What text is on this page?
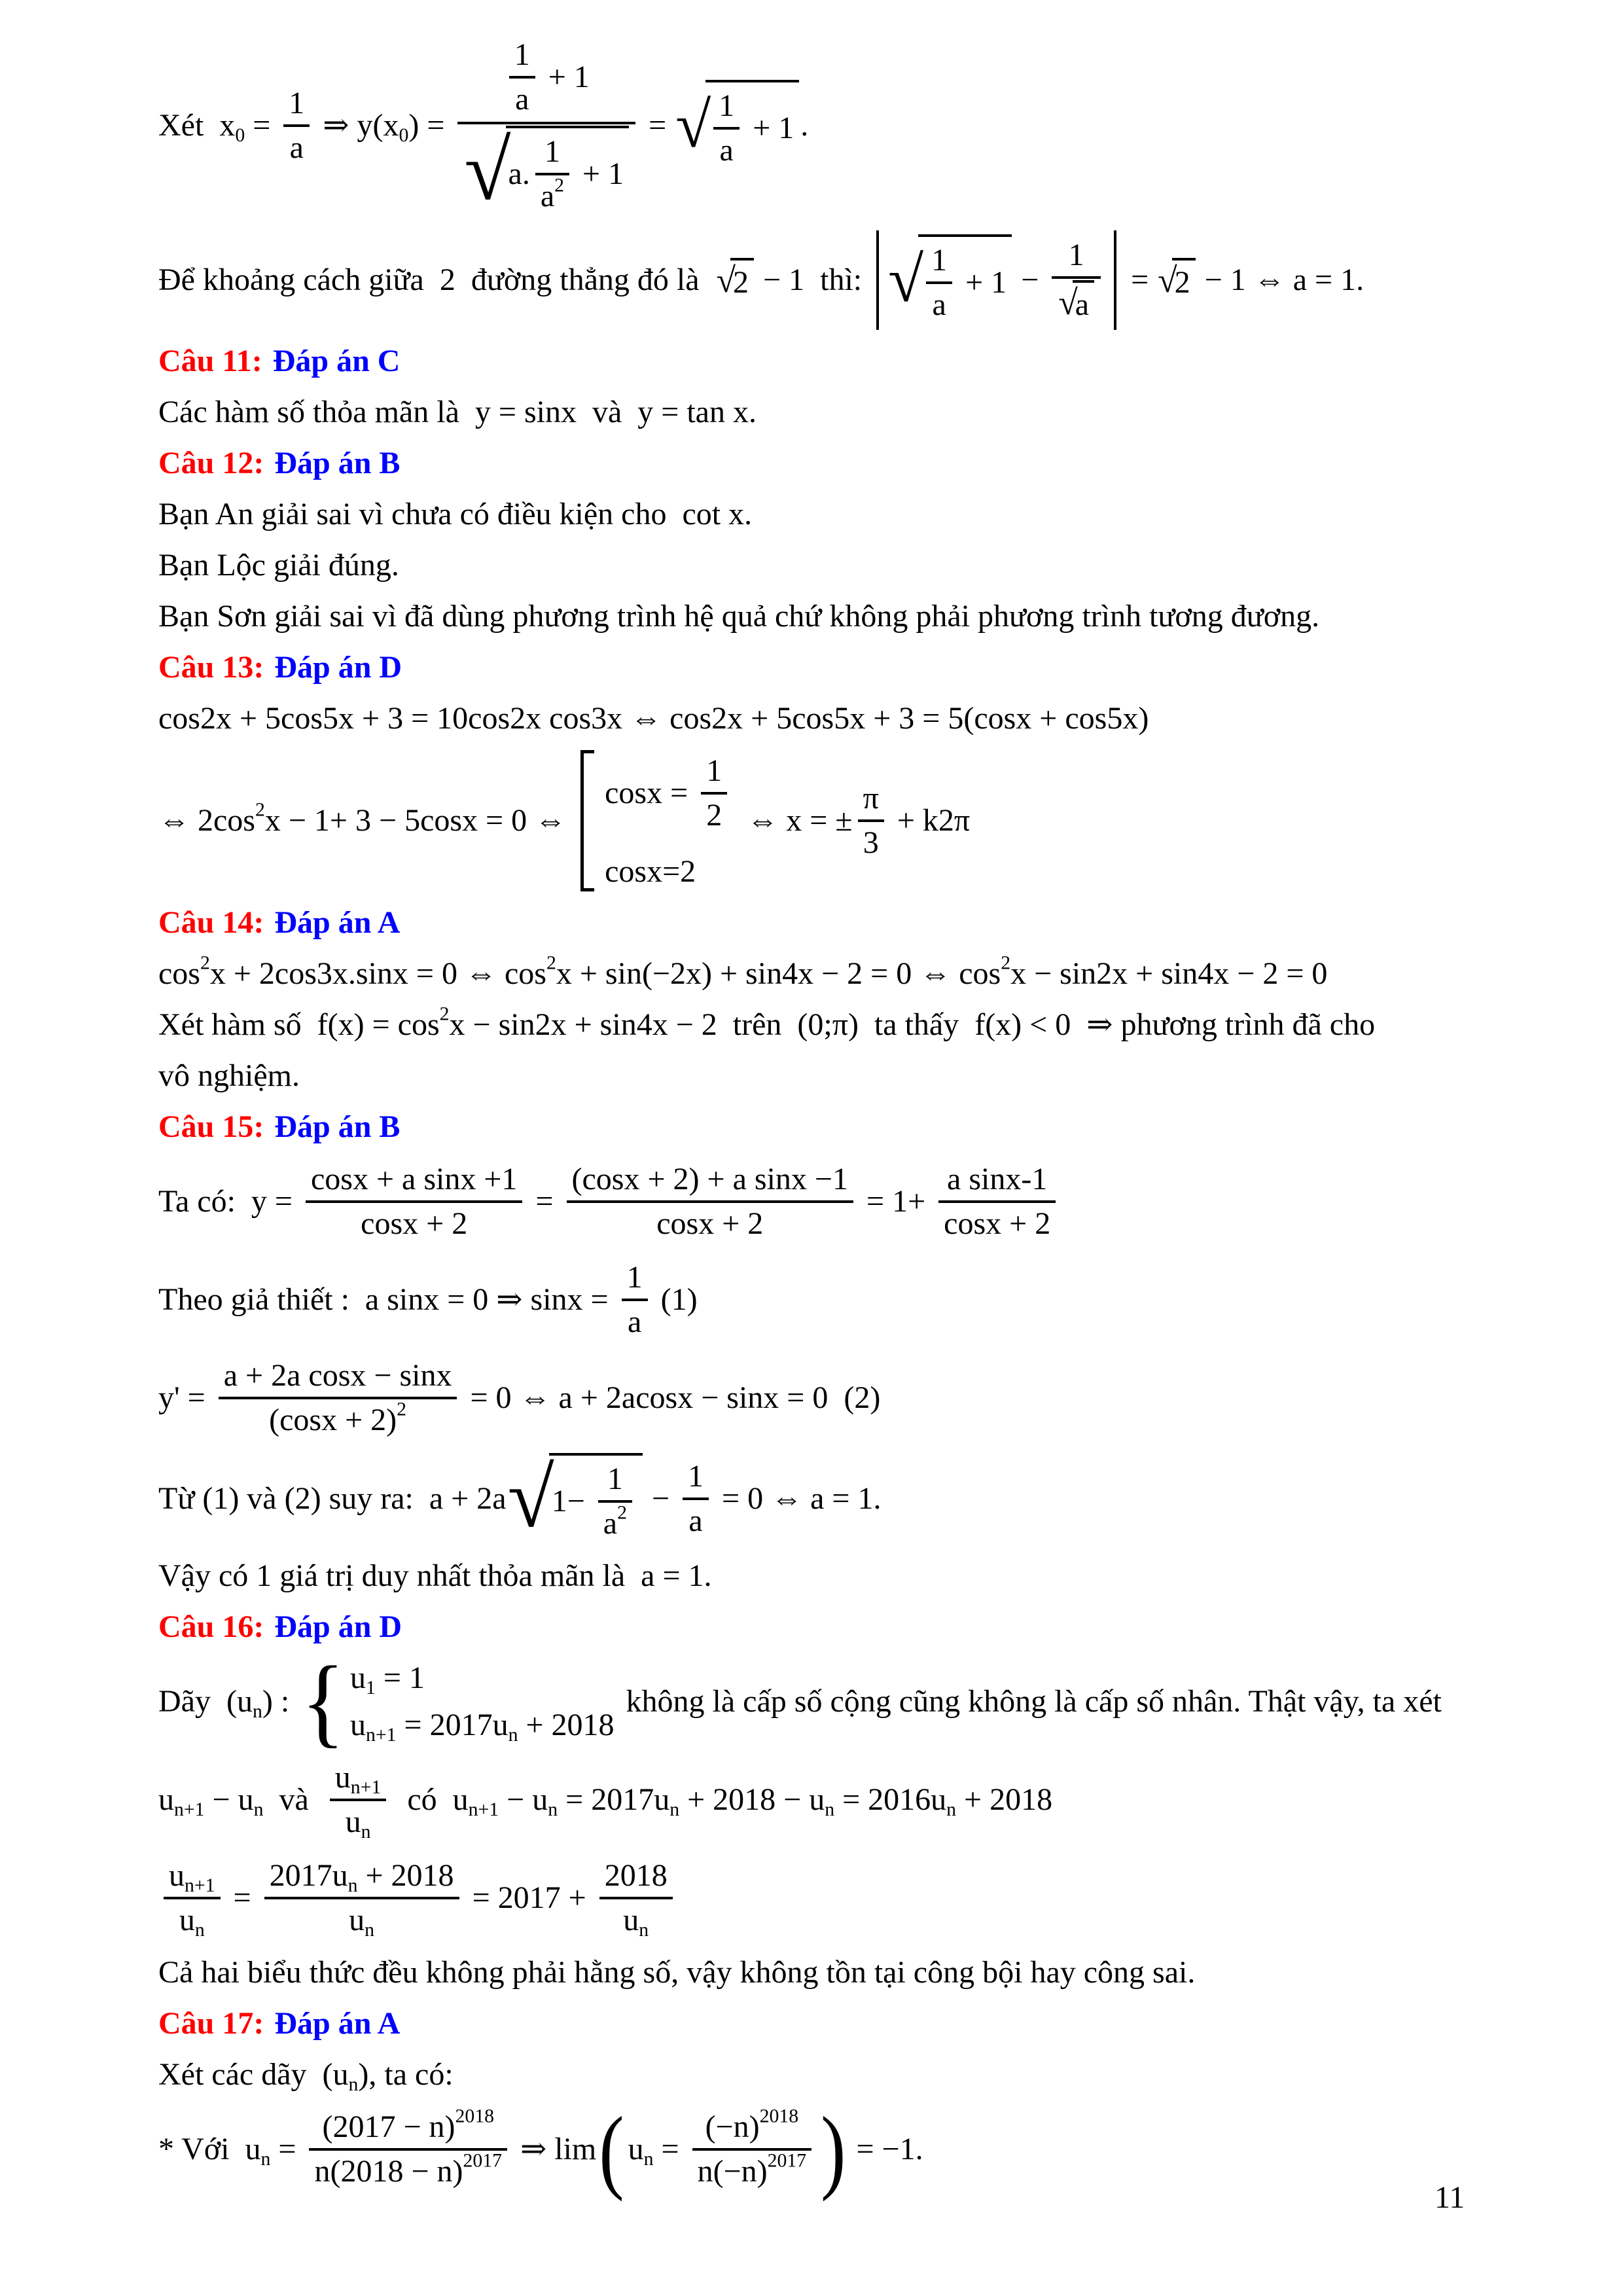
Xét  x $0 = \frac{1}{a}$ ⇒ y(x 0 ) = $\frac{1}{a} + 1$
√
a. $\frac{1}{a 2} + 1$ = √ $\frac{1}{a} + 1$ .
Để khoảng cách giữa  2  đường thẳng đó là √
2 − 1  thì: √ $\frac{1}{a} + 1 - 1$
√
a = √
2 − 1 ⇔ a = 1.
Câu 11: Đáp án C
Các hàm số thỏa mãn là  y = sinx  và  y = tan x.
Câu 12: Đáp án B
Bạn An giải sai vì chưa có điều kiện cho  cot x.
Bạn Lộc giải đúng.
Bạn Sơn giải sai vì đã dùng phương trình hệ quả chứ không phải phương trình tương đương.
Câu 13: Đáp án D
cos2x + 5cos5x + 3 = 10cos2x cos3x ⇔ cos2x + 5cos5x + 3 = 5(cosx + cos5x)
⇔ 2cos 2 x − 1+ 3 − 5cosx = 0 ⇔
$\cos x = \frac{1}{2}$
cosx=2
⇔ x = ± $\frac{\pi}{3} + k2\pi$
Câu 14: Đáp án A
cos 2 x + 2cos3x.sinx = 0 ⇔ cos 2 x + sin(−2x) + sin4x − 2 = 0 ⇔ cos 2 x − sin2x + sin4x − 2 = 0
Xét hàm số  f(x) = cos 2 x − sin2x + sin4x − 2  trên  (0;π)  ta thấy  f(x) < 0  ⇒ phương trình đã cho
vô nghiệm.
Câu 15: Đáp án B
Ta có:  $y = \frac{\text{cosx + a sinx +1}}{\cos x + 2} = \frac{\text{(cosx + 2) + a sinx −1}}{\cos x + 2} = 1+ \frac{\text{a sinx-1}}{\cos x + 2}$
Theo giả thiết :  a sinx = 0 ⇒ $\sin x = \frac{1}{a} (1)$
$y' = \frac{\text{a + 2a cosx − sinx}}{(\cos x + 2) 2} = 0$ ⇔ a + 2acosx − sinx = 0  (2)
Từ (1) và (2) suy ra:  a + 2a √
$1- \frac{1}{a 2} - \frac{1}{a} = 0$ ⇔ a = 1.
Vậy có 1 giá trị duy nhất thỏa mãn là  a = 1.
Câu 16: Đáp án D
Dãy  (u n ) : { u 1 = 1
u n+1 = 2017u n + 2018
không là cấp số cộng cũng không là cấp số nhân. Thật vậy, ta xét
u n+1 − u n và $\frac{\text{u n+1}}{\text{u n}}$ có  u n+1 − u n = 2017u n + 2018 − u n = 2016u n + 2018
$\frac{\text{u n+1}}{\text{u n}} = \frac{\text{2017u n + 2018}}{\text{u n}} = 2017 + \frac{2018}{\text{u n}}$
Cả hai biểu thức đều không phải hằng số, vậy không tồn tại công bội hay công sai.
Câu 17: Đáp án A
Xét các dãy  (u n ), ta có:
* Với  u $n = \frac{(2017 - n) 2018}{n(2018 - n) 2017}$ ⇒ lim ( u $n = \frac{(-n) 2018}{n(-n) 2017}$ ) = −1.
11
